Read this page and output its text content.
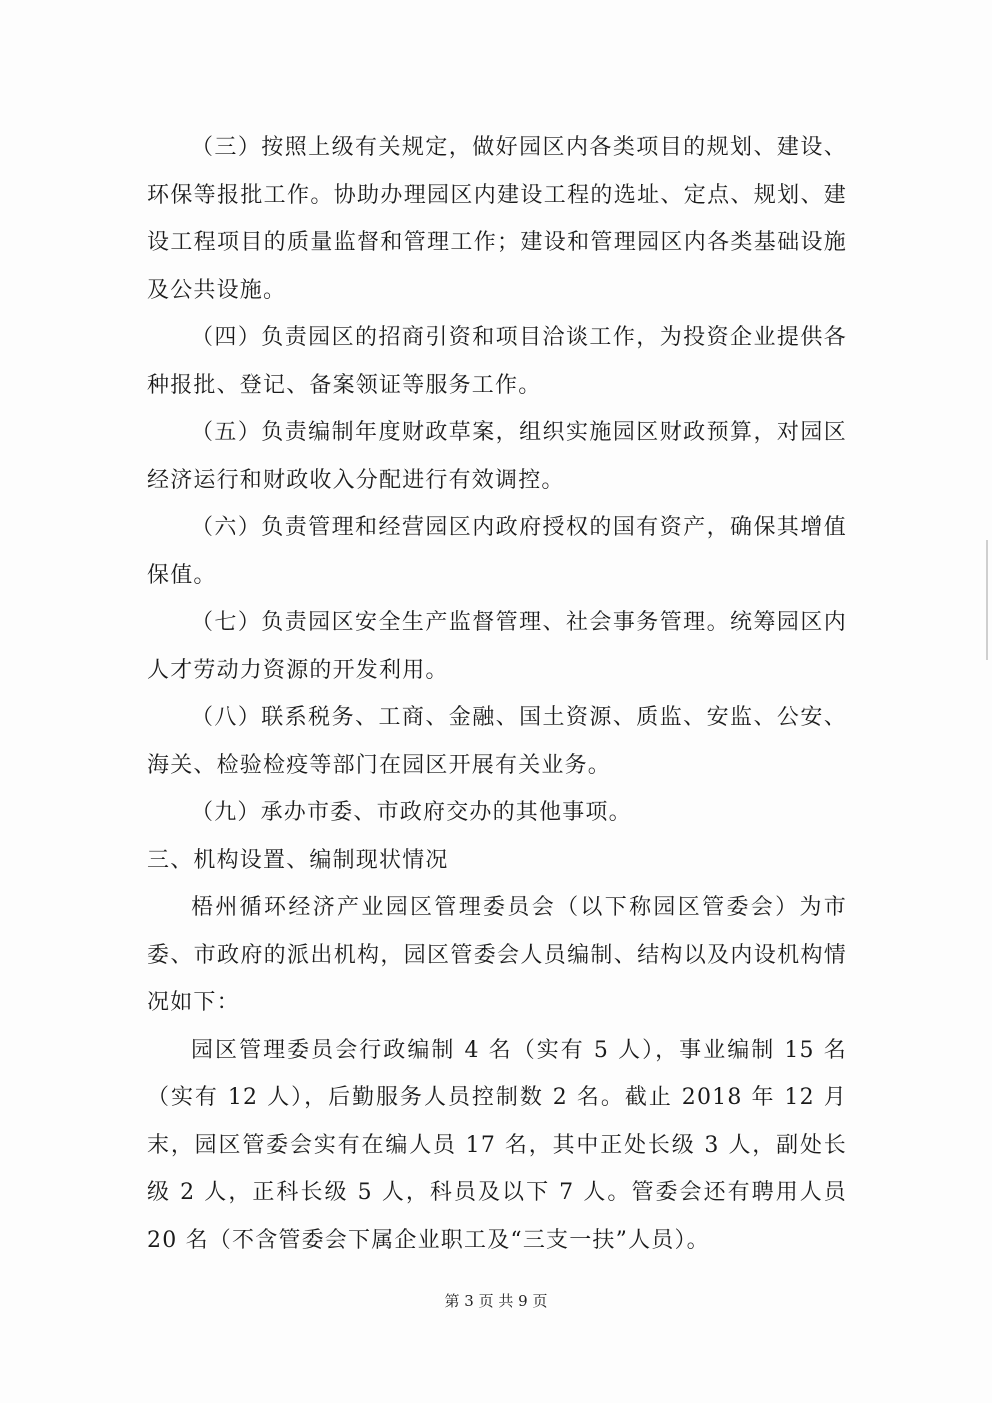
（三）按照上级有关规定，做好园区内各类项目的规划、建设、环保等报批工作。协助办理园区内建设工程的选址、定点、规划、建设工程项目的质量监督和管理工作；建设和管理园区内各类基础设施及公共设施。

（四）负责园区的招商引资和项目洽谈工作，为投资企业提供各种报批、登记、备案领证等服务工作。

（五）负责编制年度财政草案，组织实施园区财政预算，对园区经济运行和财政收入分配进行有效调控。

（六）负责管理和经营园区内政府授权的国有资产，确保其增值保值。

（七）负责园区安全生产监督管理、社会事务管理。统筹园区内人才劳动力资源的开发利用。

（八）联系税务、工商、金融、国土资源、质监、安监、公安、海关、检验检疫等部门在园区开展有关业务。

（九）承办市委、市政府交办的其他事项。

三、机构设置、编制现状情况

梧州循环经济产业园区管理委员会（以下称园区管委会）为市委、市政府的派出机构，园区管委会人员编制、结构以及内设机构情况如下：

园区管理委员会行政编制 4 名（实有 5 人），事业编制 15 名（实有 12 人），后勤服务人员控制数 2 名。截止 2018 年 12 月末，园区管委会实有在编人员 17 名，其中正处长级 3 人，副处长级 2 人，正科长级 5 人，科员及以下 7 人。管委会还有聘用人员 20 名（不含管委会下属企业职工及“三支一扶”人员）。

第 3 页 共 9 页
